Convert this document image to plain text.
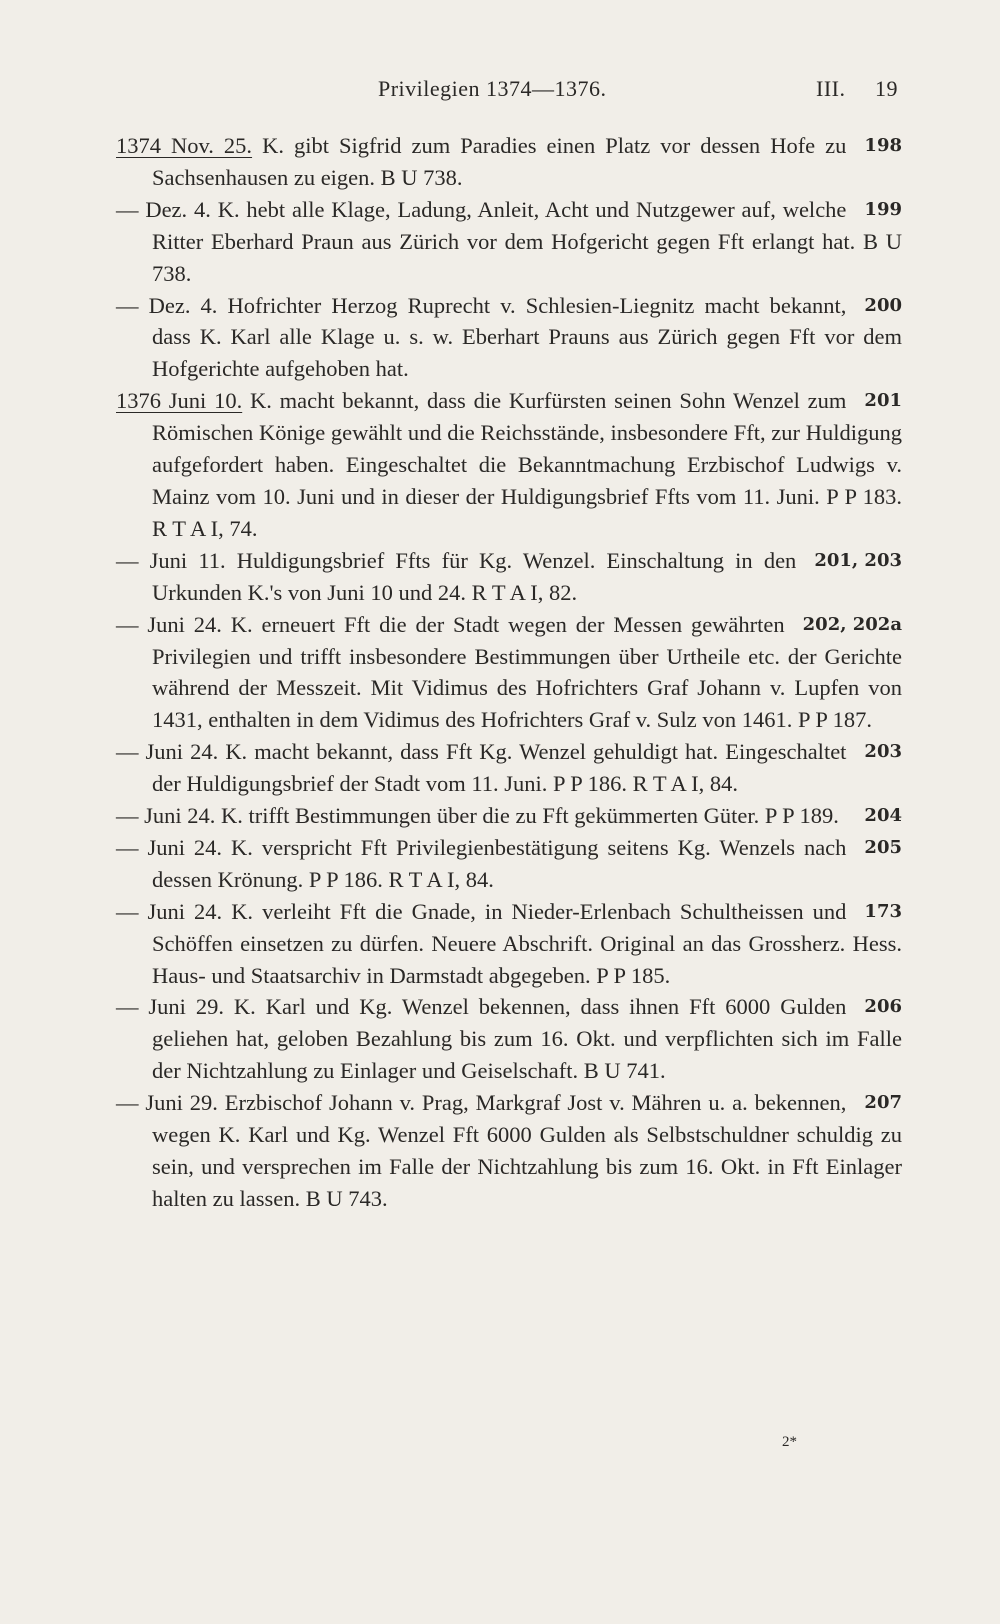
Privilegien 1374—1376.	III. 19
198
1374 Nov. 25. K. gibt Sigfrid zum Paradies einen Platz vor dessen Hofe zu Sachsenhausen zu eigen. B U 738.
199
— Dez. 4. K. hebt alle Klage, Ladung, Anleit, Acht und Nutzgewer auf, welche Ritter Eberhard Praun aus Zürich vor dem Hofgericht gegen Fft erlangt hat. B U 738.
200
— Dez. 4. Hofrichter Herzog Ruprecht v. Schlesien-Liegnitz macht bekannt, dass K. Karl alle Klage u. s. w. Eberhart Prauns aus Zürich gegen Fft vor dem Hofgerichte aufgehoben hat.
201
1376 Juni 10. K. macht bekannt, dass die Kurfürsten seinen Sohn Wenzel zum Römischen Könige gewählt und die Reichsstände, insbesondere Fft, zur Huldigung aufgefordert haben. Eingeschaltet die Bekanntmachung Erzbischof Ludwigs v. Mainz vom 10. Juni und in dieser der Huldigungsbrief Ffts vom 11. Juni. P P 183. R T A I, 74.
201, 203
— Juni 11. Huldigungsbrief Ffts für Kg. Wenzel. Einschaltung in den Urkunden K.'s von Juni 10 und 24. R T A I, 82.
202, 202a
— Juni 24. K. erneuert Fft die der Stadt wegen der Messen gewährten Privilegien und trifft insbesondere Bestimmungen über Urtheile etc. der Gerichte während der Messzeit. Mit Vidimus des Hofrichters Graf Johann v. Lupfen von 1431, enthalten in dem Vidimus des Hofrichters Graf v. Sulz von 1461. P P 187.
203
— Juni 24. K. macht bekannt, dass Fft Kg. Wenzel gehuldigt hat. Eingeschaltet der Huldigungsbrief der Stadt vom 11. Juni. P P 186. R T A I, 84.
204
— Juni 24. K. trifft Bestimmungen über die zu Fft gekümmerten Güter. P P 189.
205
— Juni 24. K. verspricht Fft Privilegienbestätigung seitens Kg. Wenzels nach dessen Krönung. P P 186. R T A I, 84.
173
— Juni 24. K. verleiht Fft die Gnade, in Nieder-Erlenbach Schultheissen und Schöffen einsetzen zu dürfen. Neuere Abschrift. Original an das Grossherz. Hess. Haus- und Staatsarchiv in Darmstadt abgegeben. P P 185.
206
— Juni 29. K. Karl und Kg. Wenzel bekennen, dass ihnen Fft 6000 Gulden geliehen hat, geloben Bezahlung bis zum 16. Okt. und verpflichten sich im Falle der Nichtzahlung zu Einlager und Geiselschaft. B U 741.
207
— Juni 29. Erzbischof Johann v. Prag, Markgraf Jost v. Mähren u. a. bekennen, wegen K. Karl und Kg. Wenzel Fft 6000 Gulden als Selbstschuldner schuldig zu sein, und versprechen im Falle der Nichtzahlung bis zum 16. Okt. in Fft Einlager halten zu lassen. B U 743.
2*
